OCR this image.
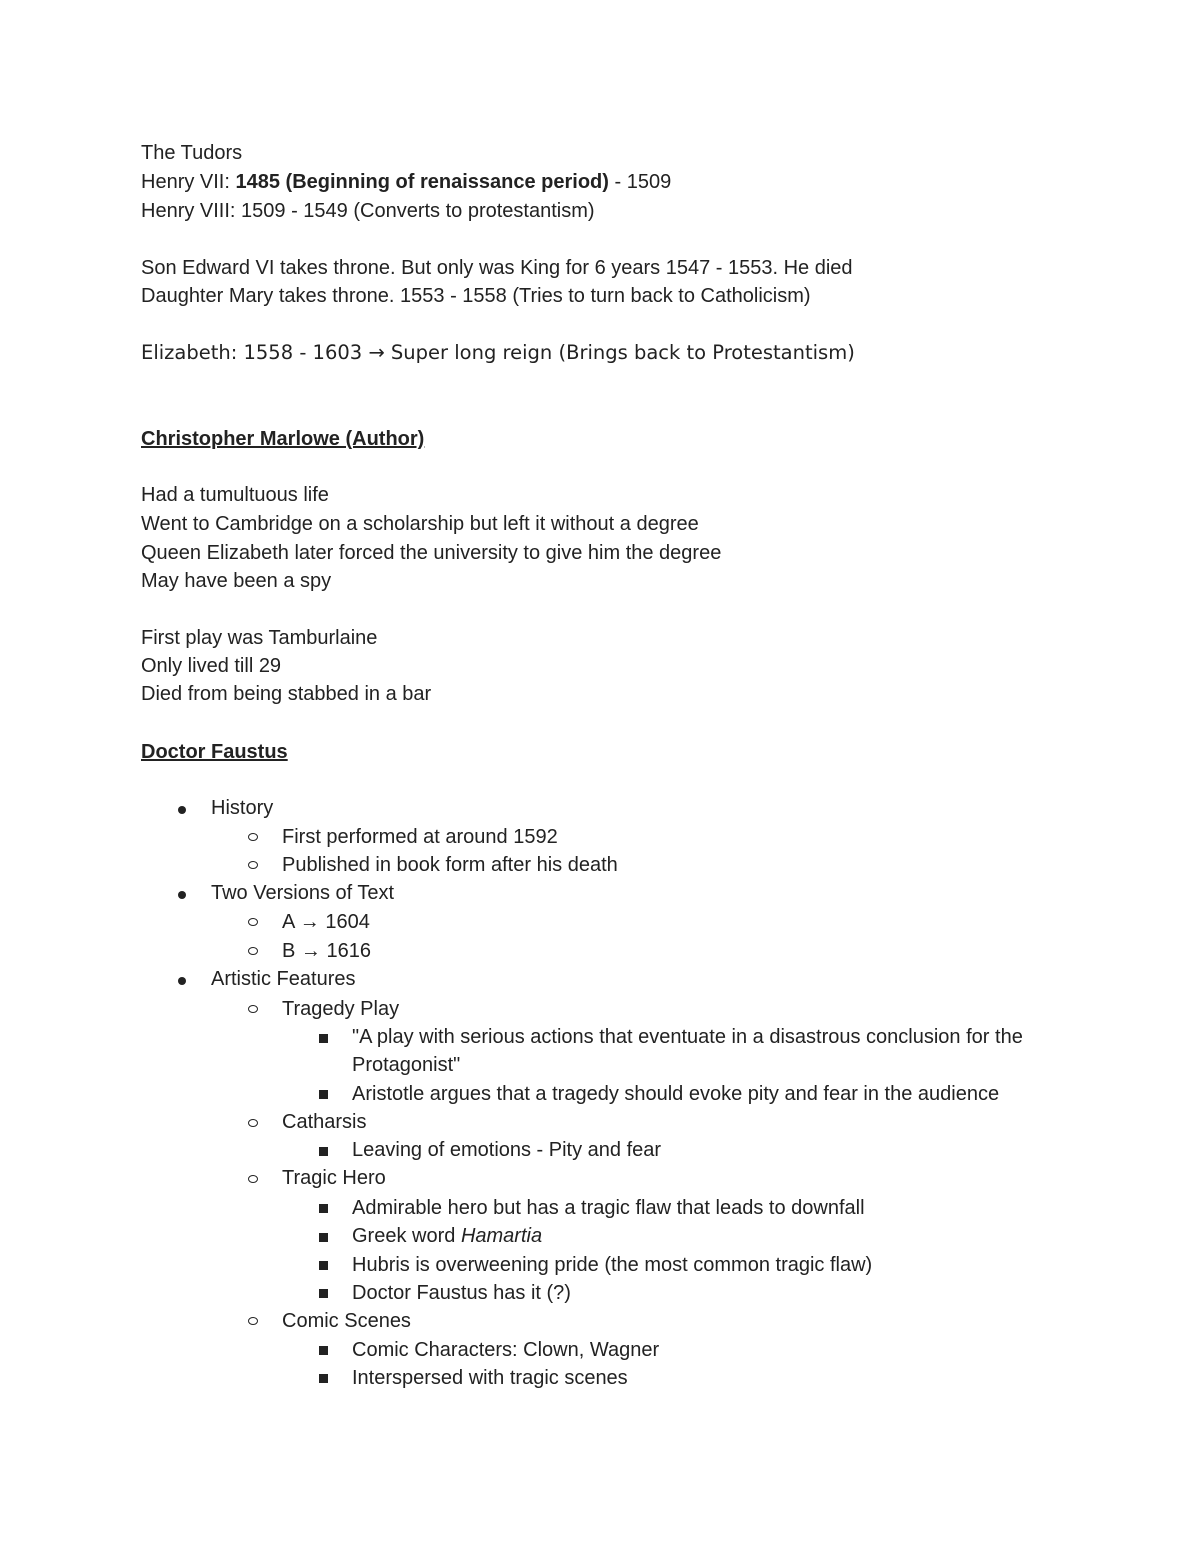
The Tudors

Henry VII: 1485 (Beginning of renaissance period) - 1509

Henry VIII: 1509 - 1549 (Converts to protestantism)

Son Edward VI takes throne. But only was King for 6 years 1547 - 1553. He died

Daughter Mary takes throne. 1553 - 1558 (Tries to turn back to Catholicism)

Elizabeth: 1558 - 1603 → Super long reign (Brings back to Protestantism)

Christopher Marlowe (Author)

Had a tumultuous life

Went to Cambridge on a scholarship but left it without a degree

Queen Elizabeth later forced the university to give him the degree

May have been a spy

First play was Tamburlaine

Only lived till 29

Died from being stabbed in a bar

Doctor Faustus

History
First performed at around 1592
Published in book form after his death
Two Versions of Text
A → 1604
B → 1616
Artistic Features
Tragedy Play
"A play with serious actions that eventuate in a disastrous conclusion for the Protagonist"
Aristotle argues that a tragedy should evoke pity and fear in the audience
Catharsis
Leaving of emotions - Pity and fear
Tragic Hero
Admirable hero but has a tragic flaw that leads to downfall
Greek word Hamartia
Hubris is overweening pride (the most common tragic flaw)
Doctor Faustus has it (?)
Comic Scenes
Comic Characters: Clown, Wagner
Interspersed with tragic scenes
